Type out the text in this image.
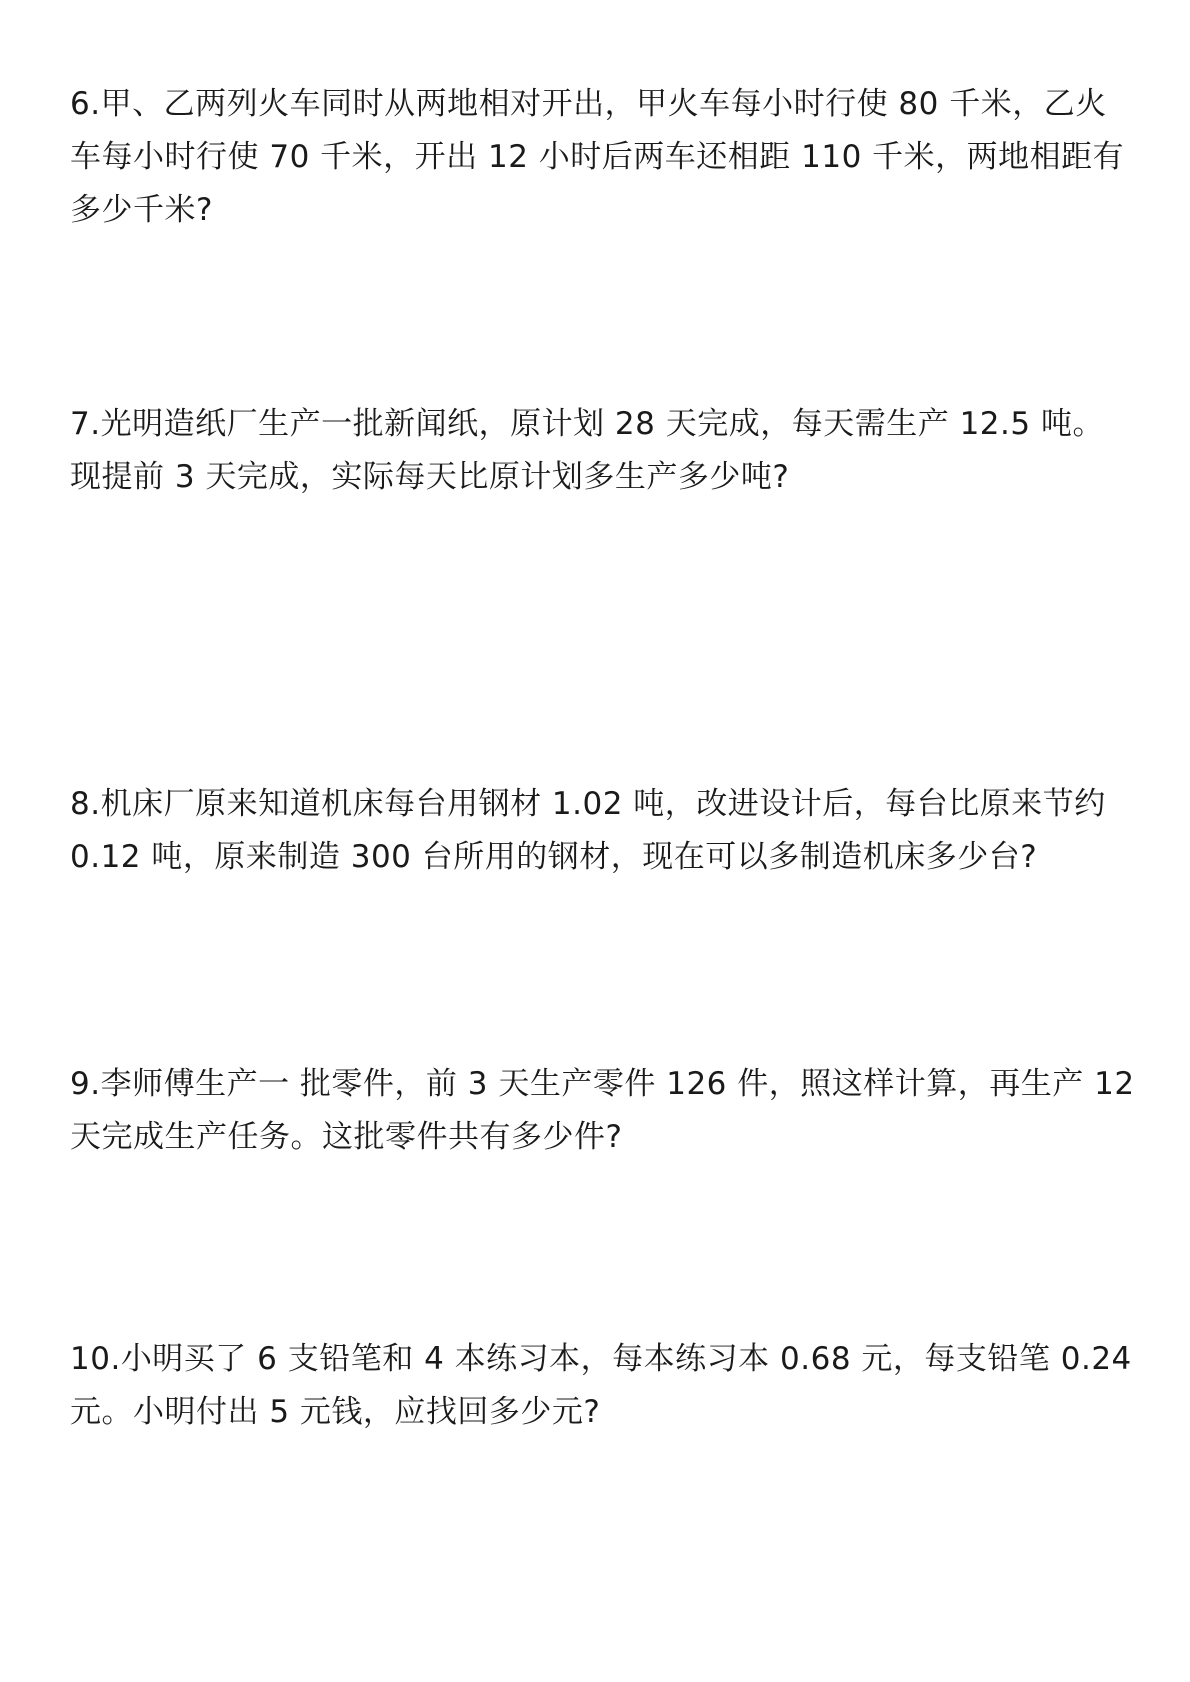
6.甲、乙两列火车同时从两地相对开出，甲火车每小时行使 80 千米，乙火车每小时行使 70 千米，开出 12 小时后两车还相距 110 千米，两地相距有多少千米?

7.光明造纸厂生产一批新闻纸，原计划 28 天完成，每天需生产 12.5 吨。现提前 3 天完成，实际每天比原计划多生产多少吨?

8.机床厂原来知道机床每台用钢材 1.02 吨，改进设计后，每台比原来节约 0.12 吨，原来制造 300 台所用的钢材，现在可以多制造机床多少台?

9.李师傅生产一 批零件，前 3 天生产零件 126 件，照这样计算，再生产 12 天完成生产任务。这批零件共有多少件?

10.小明买了 6 支铅笔和 4 本练习本，每本练习本 0.68 元，每支铅笔 0.24 元。小明付出 5 元钱，应找回多少元?
